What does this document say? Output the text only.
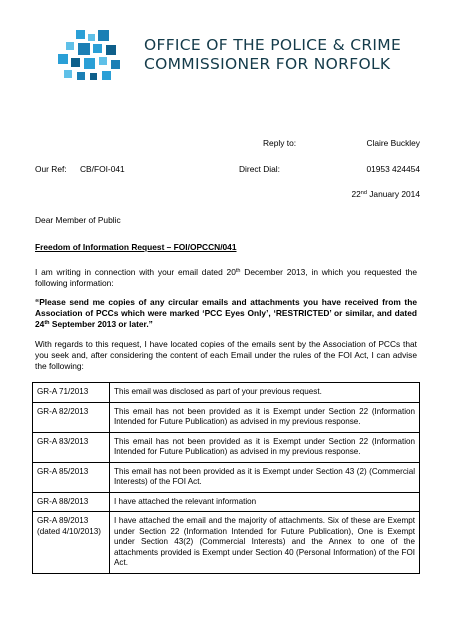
OFFICE OF THE POLICE & CRIME
COMMISSIONER FOR NORFOLK
Reply to:	Claire Buckley
Our Ref: CB/FOI-041	Direct Dial:	01953 424454
22nd January 2014
Dear Member of Public
Freedom of Information Request – FOI/OPCCN/041
I am writing in connection with your email dated 20th December 2013, in which you requested the following information:
“Please send me copies of any circular emails and attachments you have received from the Association of PCCs which were marked ‘PCC Eyes Only’, ‘RESTRICTED’ or similar, and dated 24th September 2013 or later.”
With regards to this request, I have located copies of the emails sent by the Association of PCCs that you seek and, after considering the content of each Email under the rules of the FOI Act, I can advise the following:
GR-A 71/2013	This email was disclosed as part of your previous request.
GR-A 82/2013	This email has not been provided as it is Exempt under Section 22 (Information Intended for Future Publication) as advised in my previous response.
GR-A 83/2013	This email has not been provided as it is Exempt under Section 22 (Information Intended for Future Publication) as advised in my previous response.
GR-A 85/2013	This email has not been provided as it is Exempt under Section 43 (2) (Commercial Interests) of the FOI Act.
GR-A 88/2013	I have attached the relevant information
GR-A 89/2013 (dated 4/10/2013)	I have attached the email and the majority of attachments. Six of these are Exempt under Section 22 (Information Intended for Future Publication), One is Exempt under Section 43(2) (Commercial Interests) and the Annex to one of the attachments provided is Exempt under Section 40 (Personal Information) of the FOI Act.
